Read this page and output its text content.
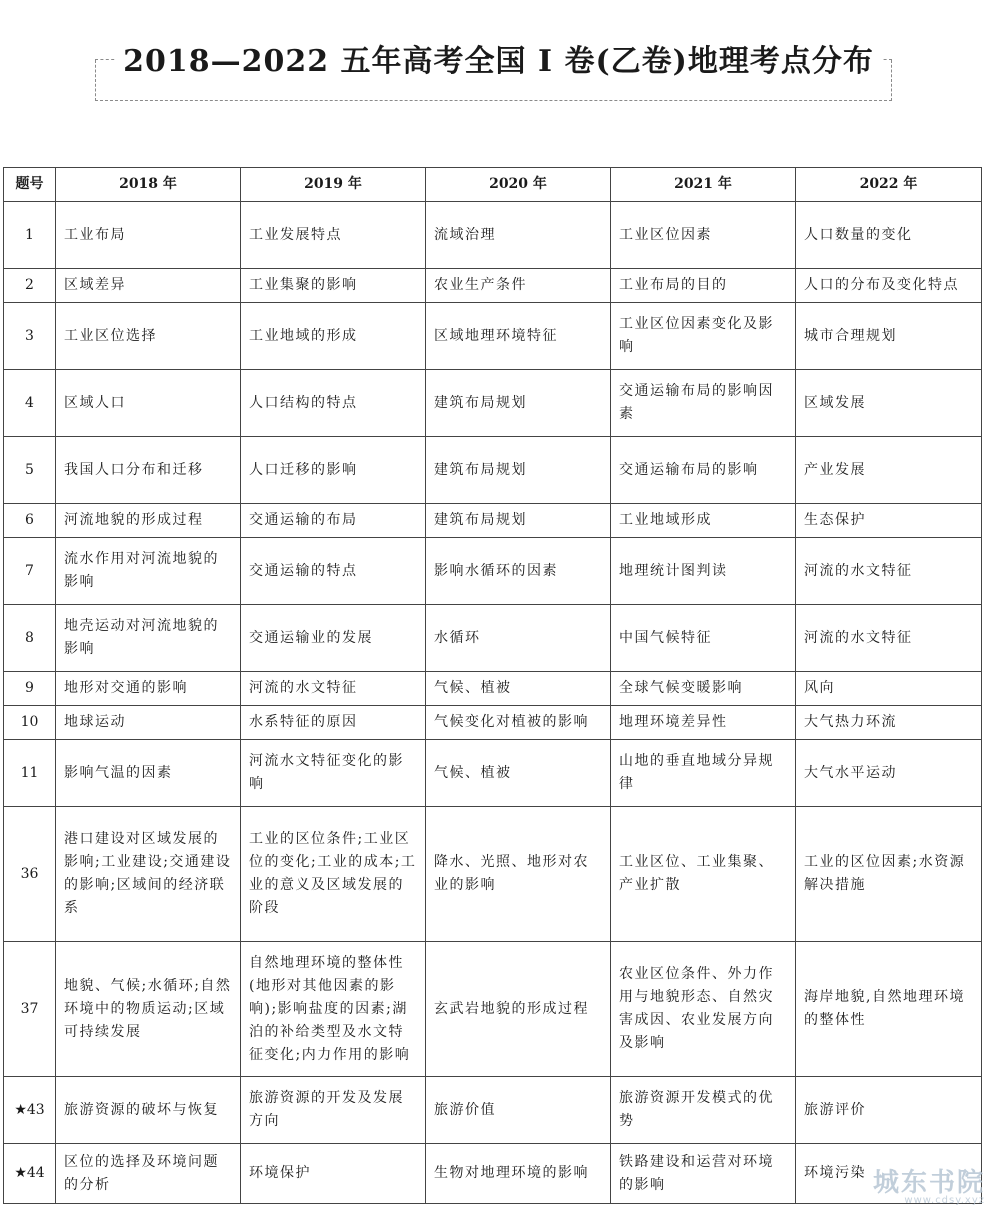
2018—2022 五年高考全国 I 卷(乙卷)地理考点分布
题号	2018 年	2019 年	2020 年	2021 年	2022 年
1	工业布局	工业发展特点	流域治理	工业区位因素	人口数量的变化
2	区域差异	工业集聚的影响	农业生产条件	工业布局的目的	人口的分布及变化特点
3	工业区位选择	工业地域的形成	区域地理环境特征	工业区位因素变化及影响	城市合理规划
4	区域人口	人口结构的特点	建筑布局规划	交通运输布局的影响因素	区域发展
5	我国人口分布和迁移	人口迁移的影响	建筑布局规划	交通运输布局的影响	产业发展
6	河流地貌的形成过程	交通运输的布局	建筑布局规划	工业地域形成	生态保护
7	流水作用对河流地貌的影响	交通运输的特点	影响水循环的因素	地理统计图判读	河流的水文特征
8	地壳运动对河流地貌的影响	交通运输业的发展	水循环	中国气候特征	河流的水文特征
9	地形对交通的影响	河流的水文特征	气候、植被	全球气候变暖影响	风向
10	地球运动	水系特征的原因	气候变化对植被的影响	地理环境差异性	大气热力环流
11	影响气温的因素	河流水文特征变化的影响	气候、植被	山地的垂直地域分异规律	大气水平运动
36	港口建设对区域发展的影响;工业建设;交通建设的影响;区域间的经济联系	工业的区位条件;工业区位的变化;工业的成本;工业的意义及区域发展的阶段	降水、光照、地形对农业的影响	工业区位、工业集聚、产业扩散	工业的区位因素;水资源解决措施
37	地貌、气候;水循环;自然环境中的物质运动;区域可持续发展	自然地理环境的整体性(地形对其他因素的影响);影响盐度的因素;湖泊的补给类型及水文特征变化;内力作用的影响	玄武岩地貌的形成过程	农业区位条件、外力作用与地貌形态、自然灾害成因、农业发展方向及影响	海岸地貌,自然地理环境的整体性
★43	旅游资源的破坏与恢复	旅游资源的开发及发展方向	旅游价值	旅游资源开发模式的优势	旅游评价
★44	区位的选择及环境问题的分析	环境保护	生物对地理环境的影响	铁路建设和运营对环境的影响	环境污染 城东书院
www.cdsy.xyz
